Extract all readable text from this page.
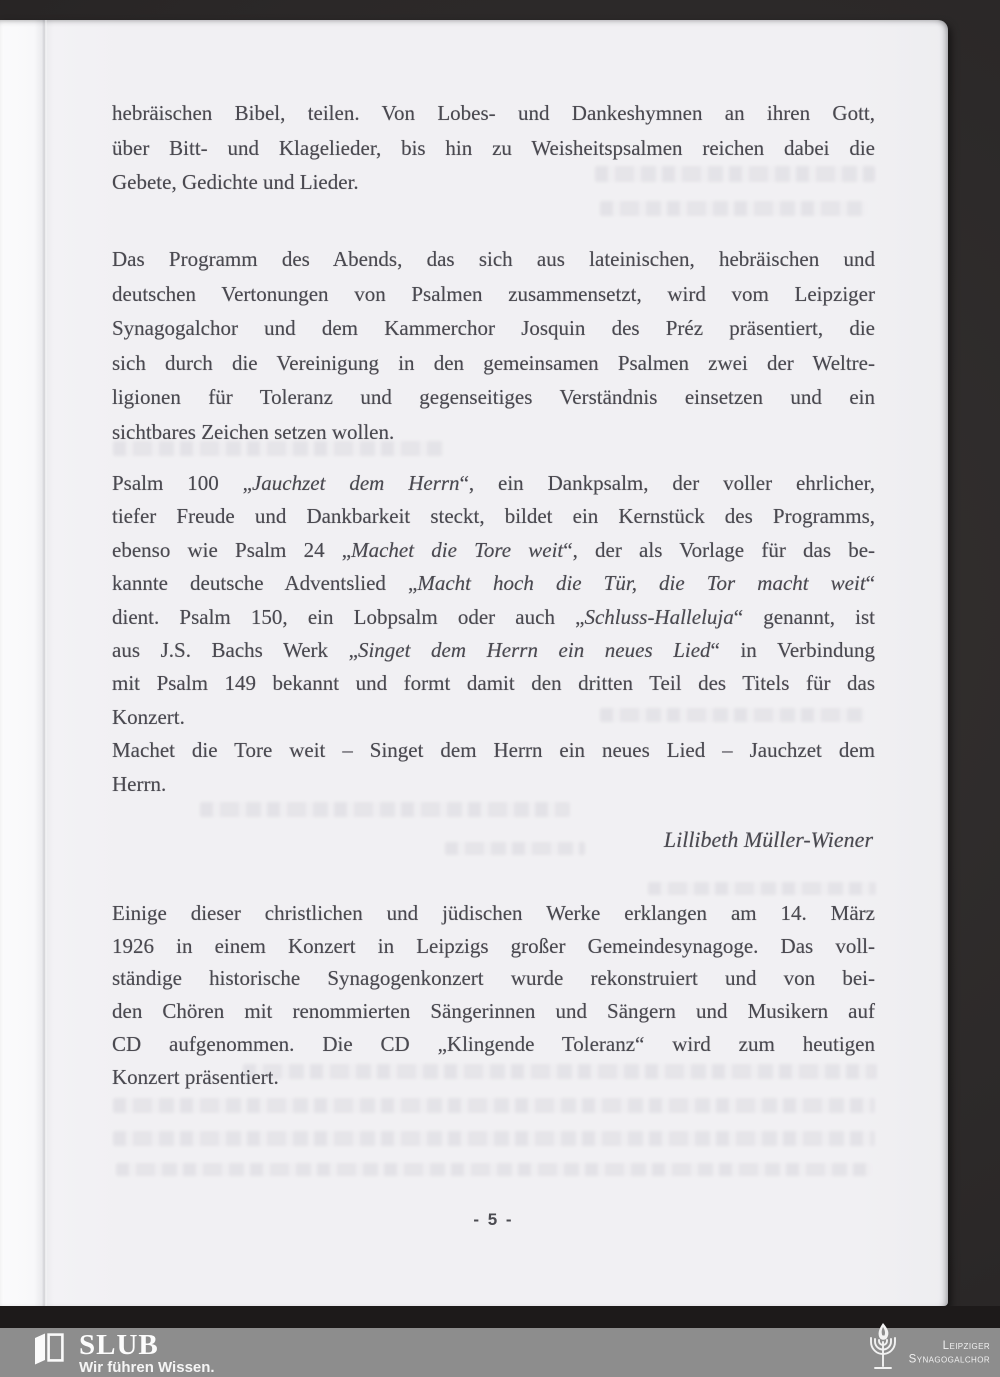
hebräischen Bibel, teilen. Von Lobes- und Dankeshymnen an ihren Gott,
über Bitt- und Klagelieder, bis hin zu Weisheitspsalmen reichen dabei die
Gebete, Gedichte und Lieder.
Das Programm des Abends, das sich aus lateinischen, hebräischen und
deutschen Vertonungen von Psalmen zusammensetzt, wird vom Leipziger
Synagogalchor und dem Kammerchor Josquin des Préz präsentiert, die
sich durch die Vereinigung in den gemeinsamen Psalmen zwei der Weltre-
ligionen für Toleranz und gegenseitiges Verständnis einsetzen und ein
sichtbares Zeichen setzen wollen.
Psalm 100 „Jauchzet dem Herrn“, ein Dankpsalm, der voller ehrlicher,
tiefer Freude und Dankbarkeit steckt, bildet ein Kernstück des Programms,
ebenso wie Psalm 24 „Machet die Tore weit“, der als Vorlage für das be-
kannte deutsche Adventslied „Macht hoch die Tür, die Tor macht weit“
dient. Psalm 150, ein Lobpsalm oder auch „Schluss-Halleluja“ genannt, ist
aus J.S. Bachs Werk „Singet dem Herrn ein neues Lied“ in Verbindung
mit Psalm 149 bekannt und formt damit den dritten Teil des Titels für das
Konzert.
Machet die Tore weit – Singet dem Herrn ein neues Lied – Jauchzet dem
Herrn.
Lillibeth Müller-Wiener
Einige dieser christlichen und jüdischen Werke erklangen am 14. März
1926 in einem Konzert in Leipzigs großer Gemeindesynagoge. Das voll-
ständige historische Synagogenkonzert wurde rekonstruiert und von bei-
den Chören mit renommierten Sängerinnen und Sängern und Musikern auf
CD aufgenommen. Die CD „Klingende Toleranz“ wird zum heutigen
Konzert präsentiert.
- 5 -
SLUB
Wir führen Wissen.
Leipziger
Synagogalchor
